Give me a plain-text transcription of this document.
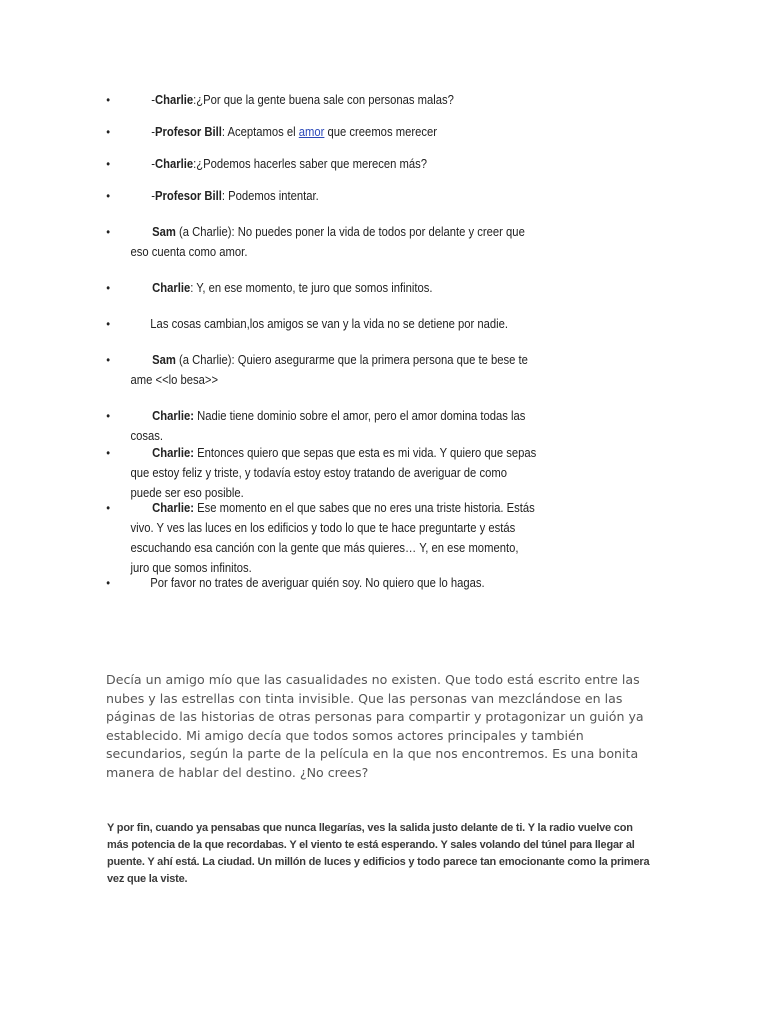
•	-Charlie:¿Por que la gente buena sale con personas malas?
•	-Profesor Bill: Aceptamos el amor que creemos merecer
•	-Charlie:¿Podemos hacerles saber que merecen más?
•	-Profesor Bill: Podemos intentar.
•	Sam (a Charlie): No puedes poner la vida de todos por delante y creer que eso cuenta como amor.
•	Charlie: Y, en ese momento, te juro que somos infinitos.
•	Las cosas cambian,los amigos se van y la vida no se detiene por nadie.
•	Sam (a Charlie): Quiero asegurarme que la primera persona que te bese te ame <<lo besa>>
•	Charlie: Nadie tiene dominio sobre el amor, pero el amor domina todas las cosas.
•	Charlie: Entonces quiero que sepas que esta es mi vida. Y quiero que sepas que estoy feliz y triste, y todavía estoy estoy tratando de averiguar de como puede ser eso posible.
•	Charlie: Ese momento en el que sabes que no eres una triste historia. Estás vivo. Y ves las luces en los edificios y todo lo que te hace preguntarte y estás escuchando esa canción con la gente que más quieres… Y, en ese momento, juro que somos infinitos.
•	Por favor no trates de averiguar quién soy. No quiero que lo hagas.

Decía un amigo mío que las casualidades no existen. Que todo está escrito entre las nubes y las estrellas con tinta invisible. Que las personas van mezclándose en las páginas de las historias de otras personas para compartir y protagonizar un guión ya establecido. Mi amigo decía que todos somos actores principales y también secundarios, según la parte de la película en la que nos encontremos. Es una bonita manera de hablar del destino. ¿No crees?

Y por fin, cuando ya pensabas que nunca llegarías, ves la salida justo delante de ti. Y la radio vuelve con más potencia de la que recordabas. Y el viento te está esperando. Y sales volando del túnel para llegar al puente. Y ahí está. La ciudad. Un millón de luces y edificios y todo parece tan emocionante como la primera vez que la viste.
